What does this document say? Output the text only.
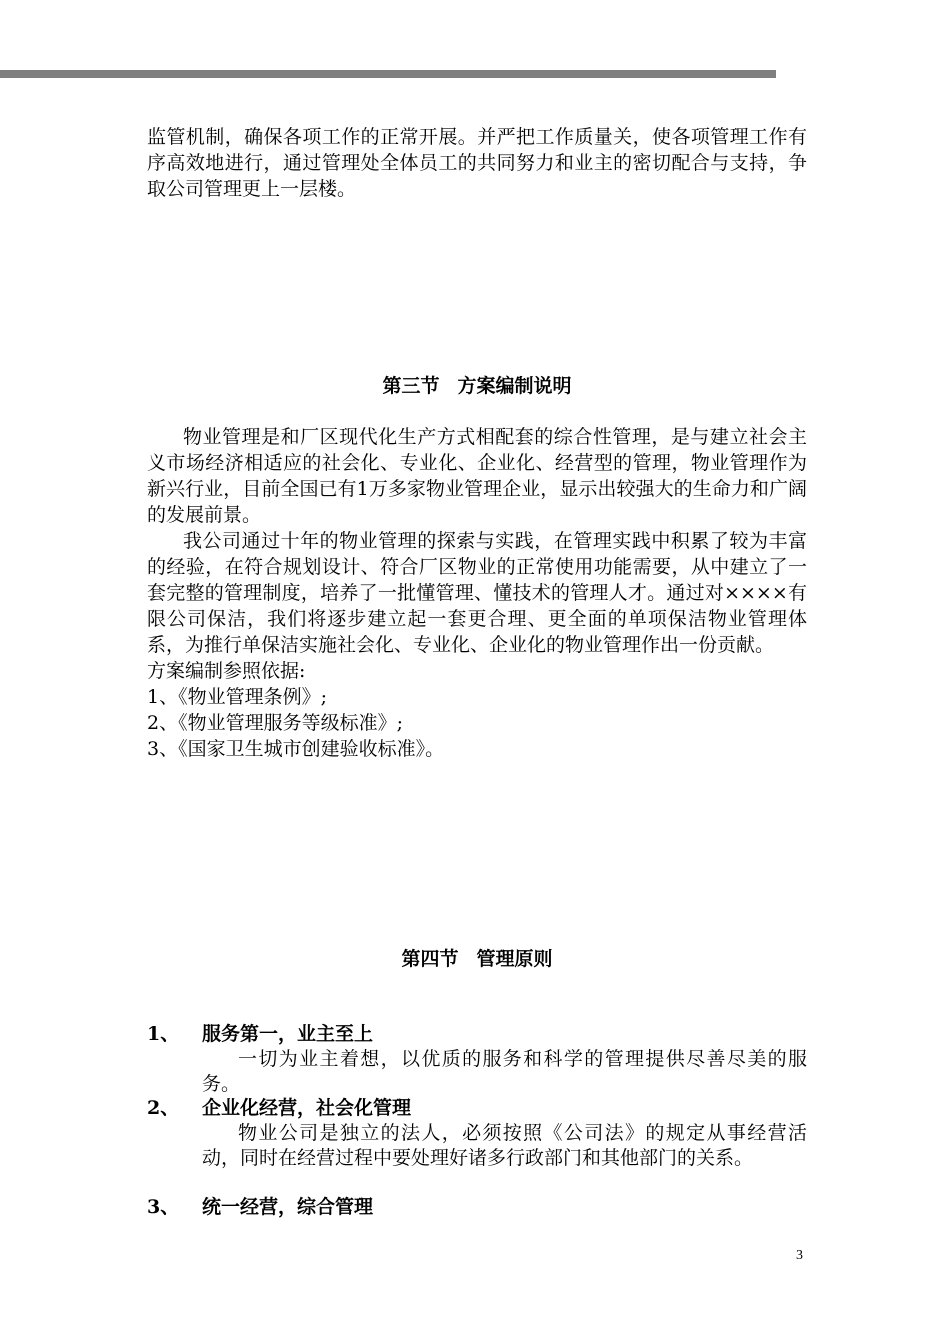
监管机制，确保各项工作的正常开展。并严把工作质量关，使各项管理工作有序高效地进行，通过管理处全体员工的共同努力和业主的密切配合与支持，争取公司管理更上一层楼。

第三节 方案编制说明

物业管理是和厂区现代化生产方式相配套的综合性管理，是与建立社会主义市场经济相适应的社会化、专业化、企业化、经营型的管理，物业管理作为新兴行业，目前全国已有1万多家物业管理企业，显示出较强大的生命力和广阔的发展前景。

我公司通过十年的物业管理的探索与实践，在管理实践中积累了较为丰富的经验，在符合规划设计、符合厂区物业的正常使用功能需要，从中建立了一套完整的管理制度，培养了一批懂管理、懂技术的管理人才。通过对××××有限公司保洁，我们将逐步建立起一套更合理、更全面的单项保洁物业管理体系，为推行单保洁实施社会化、专业化、企业化的物业管理作出一份贡献。

方案编制参照依据:

1、《物业管理条例》;

2、《物业管理服务等级标准》;

3、《国家卫生城市创建验收标准》。

第四节 管理原则
1、 服务第一，业主至上
一切为业主着想，以优质的服务和科学的管理提供尽善尽美的服务。
2、 企业化经营，社会化管理
物业公司是独立的法人，必须按照《公司法》的规定从事经营活动，同时在经营过程中要处理好诸多行政部门和其他部门的关系。
3、 统一经营，综合管理
3
